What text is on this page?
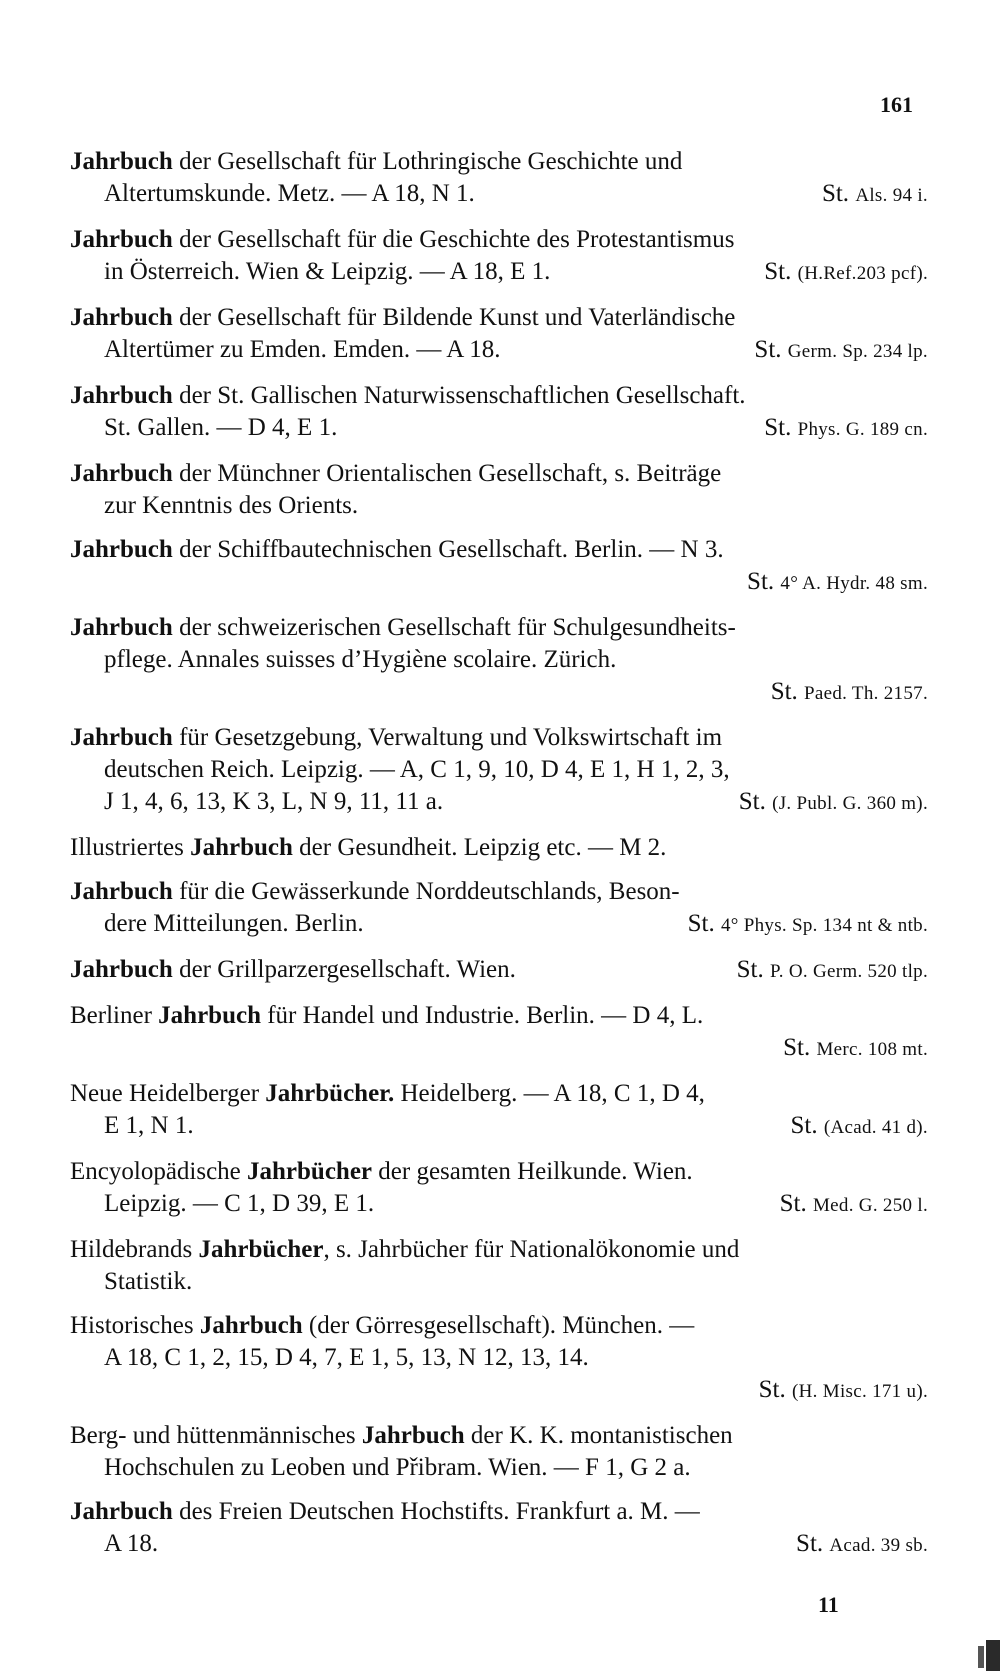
161
Jahrbuch der Gesellschaft für Lothringische Geschichte und
Altertumskunde. Metz. — A 18, N 1.	St. Als. 94 i.
Jahrbuch der Gesellschaft für die Geschichte des Protestantismus
in Österreich. Wien & Leipzig. — A 18, E 1.	St. (H.Ref.203 pcf).
Jahrbuch der Gesellschaft für Bildende Kunst und Vaterländische
Altertümer zu Emden. Emden. — A 18.	St. Germ. Sp. 234 lp.
Jahrbuch der St. Gallischen Naturwissenschaftlichen Gesellschaft.
St. Gallen. — D 4, E 1.	St. Phys. G. 189 cn.
Jahrbuch der Münchner Orientalischen Gesellschaft, s. Beiträge
zur Kenntnis des Orients.
Jahrbuch der Schiffbautechnischen Gesellschaft. Berlin. — N 3.
St. 4° A. Hydr. 48 sm.
Jahrbuch der schweizerischen Gesellschaft für Schulgesundheits-
pflege. Annales suisses d’Hygiène scolaire. Zürich.
St. Paed. Th. 2157.
Jahrbuch für Gesetzgebung, Verwaltung und Volkswirtschaft im
deutschen Reich. Leipzig. — A, C 1, 9, 10, D 4, E 1, H 1, 2, 3,
J 1, 4, 6, 13, K 3, L, N 9, 11, 11 a.	St. (J. Publ. G. 360 m).
Illustriertes Jahrbuch der Gesundheit. Leipzig etc. — M 2.
Jahrbuch für die Gewässerkunde Norddeutschlands, Beson-
dere Mitteilungen. Berlin.	St. 4° Phys. Sp. 134 nt & ntb.
Jahrbuch der Grillparzergesellschaft. Wien.	St. P. O. Germ. 520 tlp.
Berliner Jahrbuch für Handel und Industrie. Berlin. — D 4, L.
St. Merc. 108 mt.
Neue Heidelberger Jahrbücher. Heidelberg. — A 18, C 1, D 4,
E 1, N 1.	St. (Acad. 41 d).
Encyolopädische Jahrbücher der gesamten Heilkunde. Wien.
Leipzig. — C 1, D 39, E 1.	St. Med. G. 250 l.
Hildebrands Jahrbücher, s. Jahrbücher für Nationalökonomie und
Statistik.
Historisches Jahrbuch (der Görresgesellschaft). München. —
A 18, C 1, 2, 15, D 4, 7, E 1, 5, 13, N 12, 13, 14.
St. (H. Misc. 171 u).
Berg- und hüttenmännisches Jahrbuch der K. K. montanistischen
Hochschulen zu Leoben und Přibram. Wien. — F 1, G 2 a.
Jahrbuch des Freien Deutschen Hochstifts. Frankfurt a. M. —
A 18.	St. Acad. 39 sb.
11
